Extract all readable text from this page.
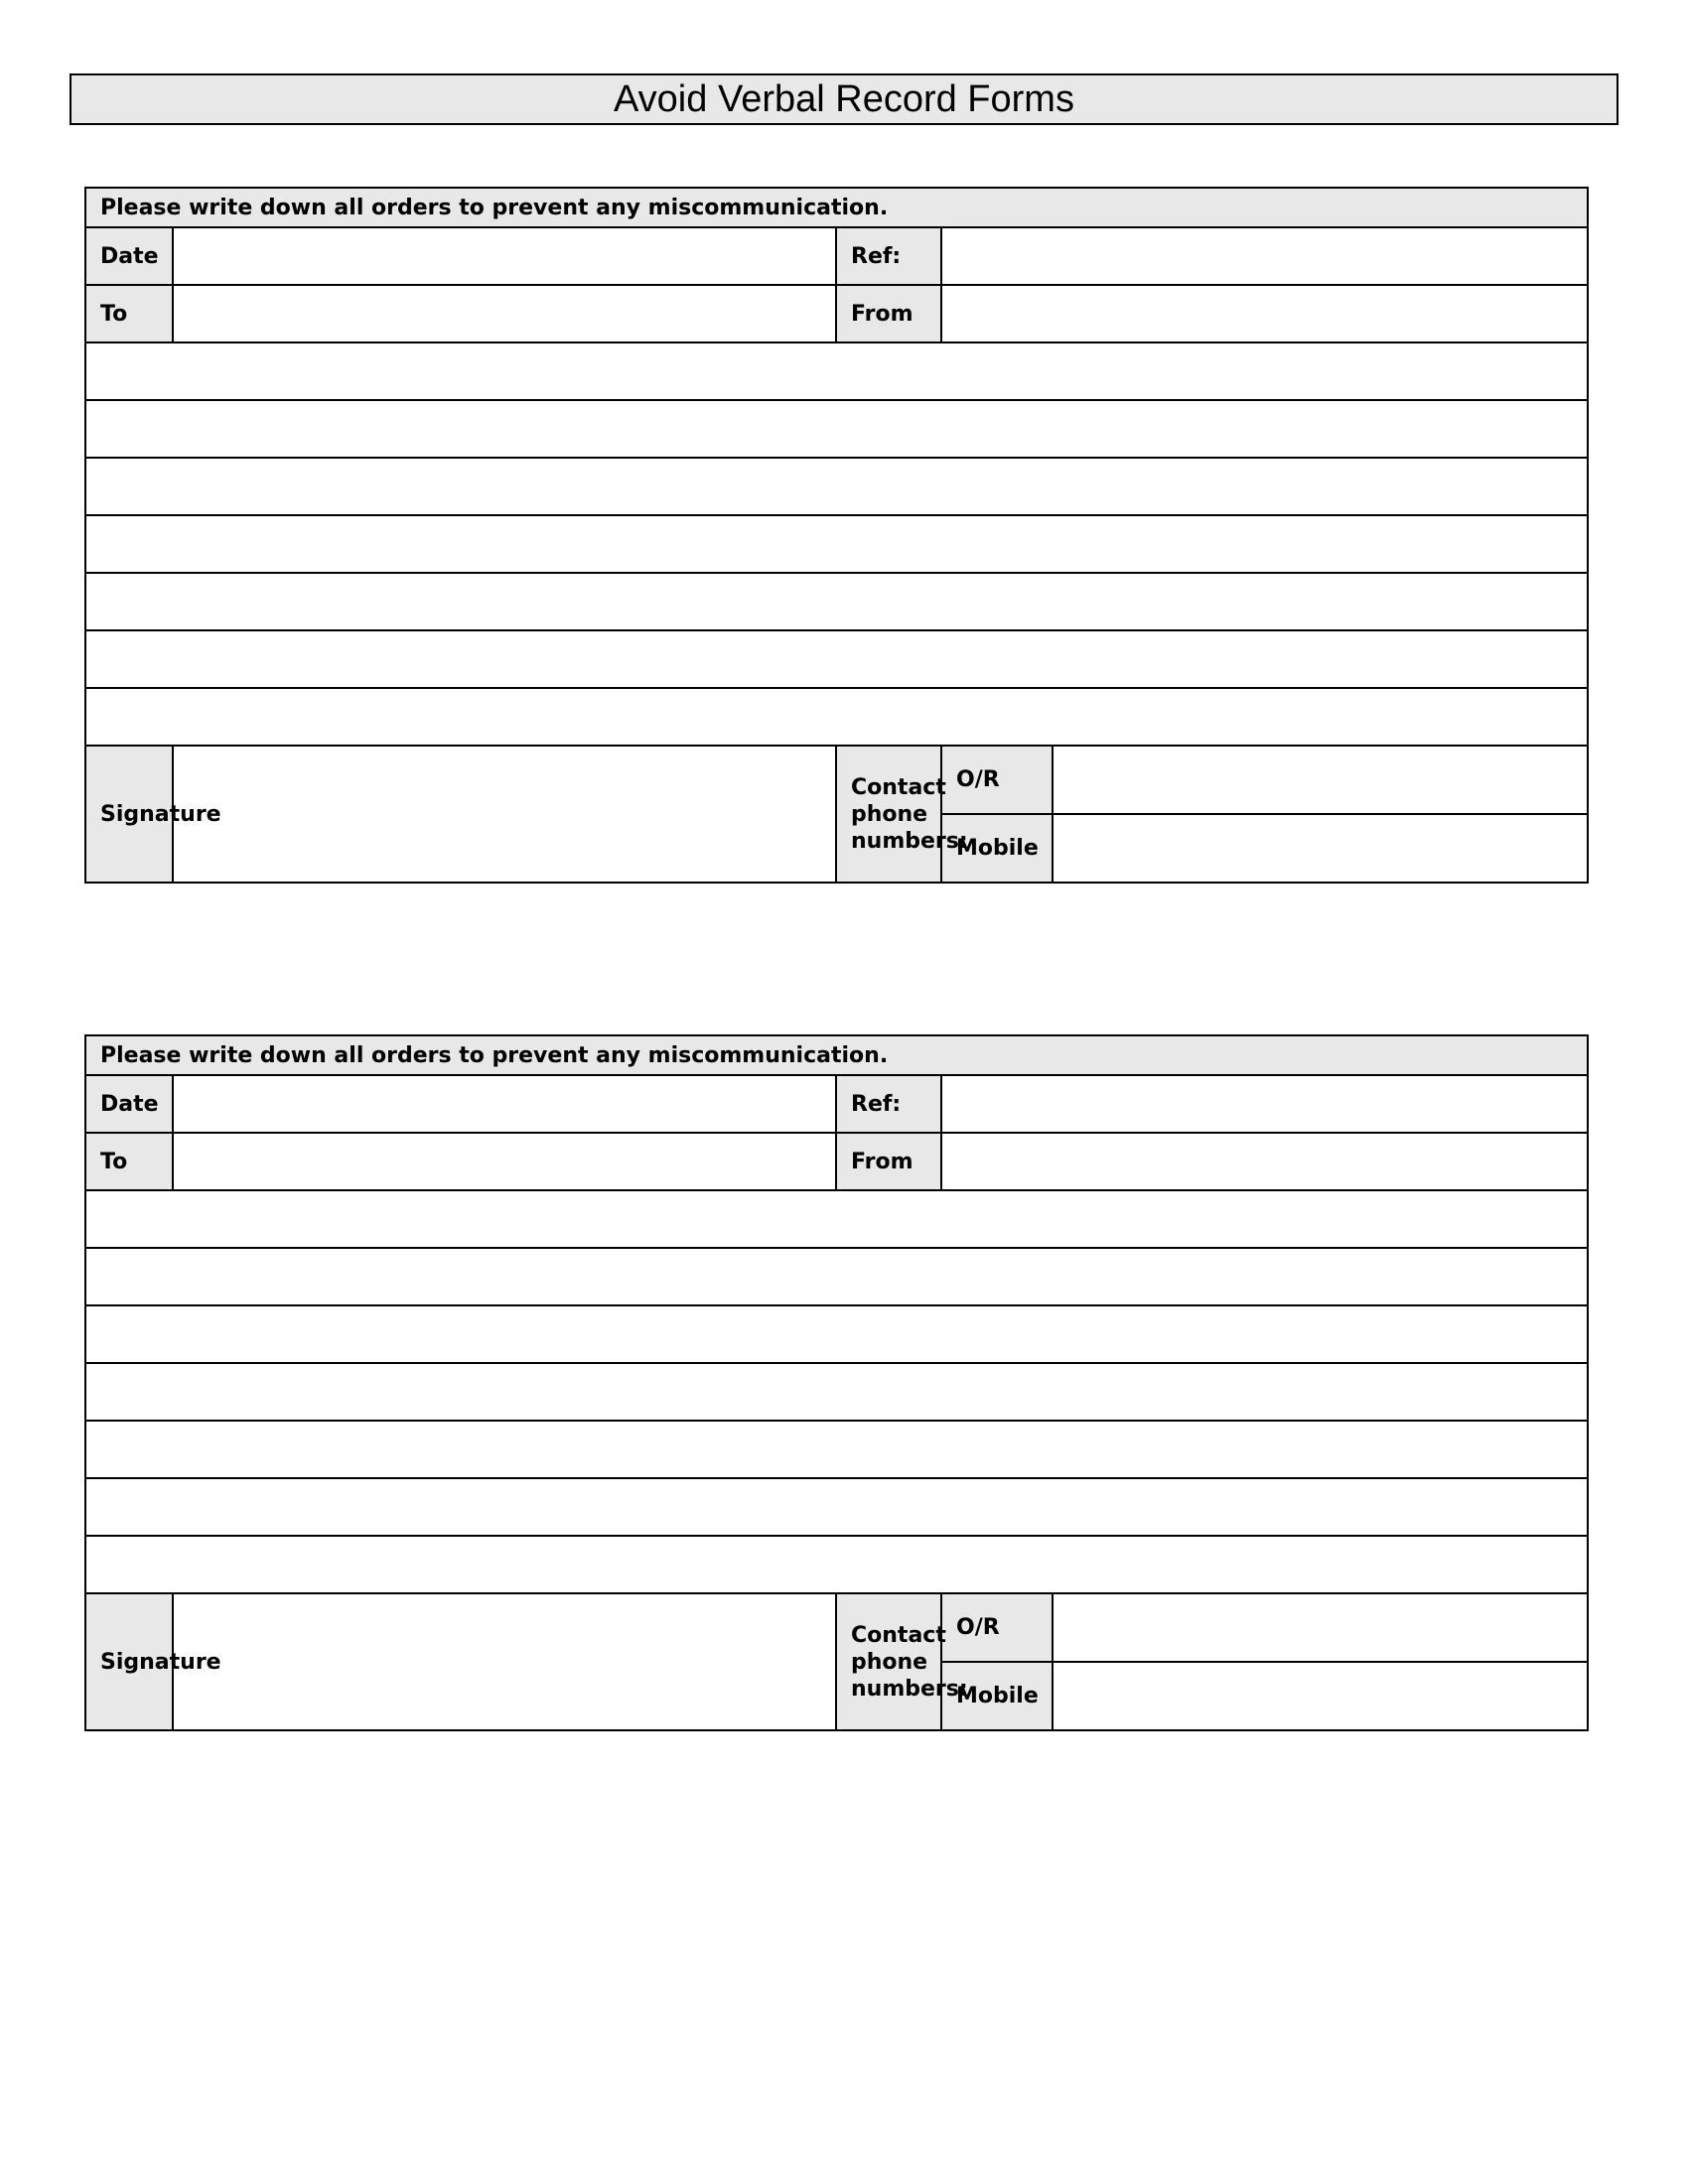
Avoid Verbal Record Forms
Please write down all orders to prevent any miscommunication.				
Date		Ref:		
To		From		

Signature		Contact phone numbers:	O/R	
			Mobile	
Please write down all orders to prevent any miscommunication.				
Date		Ref:		
To		From		

Signature		Contact phone numbers:	O/R	
			Mobile	
